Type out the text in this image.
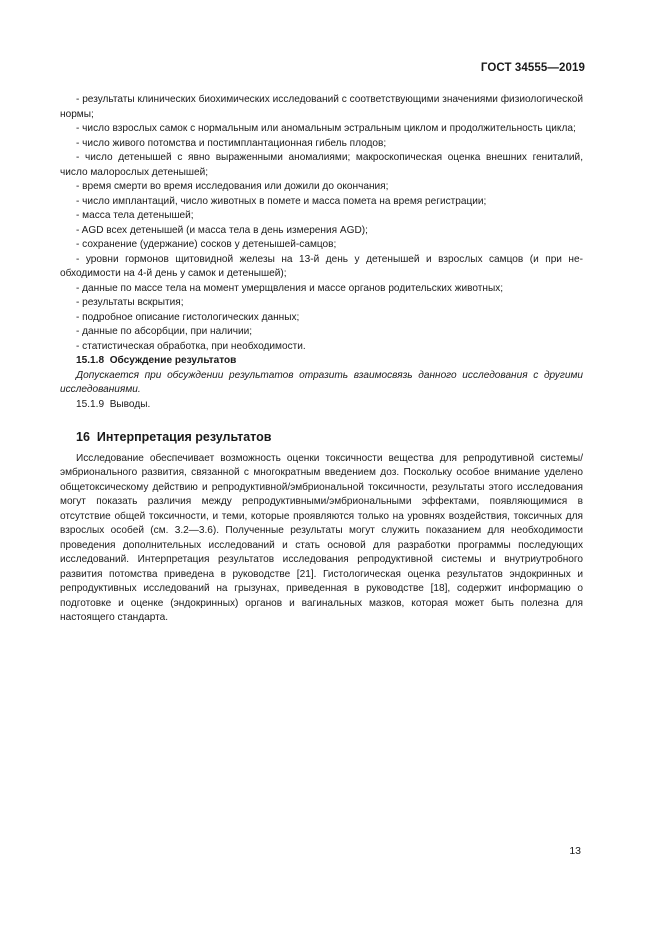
ГОСТ 34555—2019

- результаты клинических биохимических исследований с соответствующими значениями физиологической нормы;

- число взрослых самок с нормальным или аномальным эстральным циклом и продолжительность цикла;

- число живого потомства и постимплантационная гибель плодов;

- число детенышей с явно выраженными аномалиями; макроскопическая оценка внешних гениталий, число малорослых детенышей;

- время смерти во время исследования или дожили до окончания;

- число имплантаций, число животных в помете и масса помета на время регистрации;

- масса тела детенышей;

- AGD всех детенышей (и масса тела в день измерения AGD);

- сохранение (удержание) сосков у детенышей-самцов;

- уровни гормонов щитовидной железы на 13-й день у детенышей и взрослых самцов (и при необходимости на 4-й день у самок и детенышей);

- данные по массе тела на момент умерщвления и массе органов родительских животных;

- результаты вскрытия;

- подробное описание гистологических данных;

- данные по абсорбции, при наличии;

- статистическая обработка, при необходимости.

15.1.8 Обсуждение результатов

Допускается при обсуждении результатов отразить взаимосвязь данного исследования с другими исследованиями.

15.1.9 Выводы.
16 Интерпретация результатов

Исследование обеспечивает возможность оценки токсичности вещества для репродутивной системы/эмбрионального развития, связанной с многократным введением доз. Поскольку особое внимание уделено общетоксическому действию и репродуктивной/эмбриональной токсичности, результаты этого исследования могут показать различия между репродуктивными/эмбриональными эффектами, появляющимися в отсутствие общей токсичности, и теми, которые проявляются только на уровнях воздействия, токсичных для взрослых особей (см. 3.2—3.6). Полученные результаты могут служить показанием для необходимости проведения дополнительных исследований и стать основой для разработки программы последующих исследований. Интерпретация результатов исследования репродуктивной системы и внутриутробного развития потомства приведена в руководстве [21]. Гистологическая оценка результатов эндокринных и репродуктивных исследований на грызунах, приведенная в руководстве [18], содержит информацию о подготовке и оценке (эндокринных) органов и вагинальных мазков, которая может быть полезна для настоящего стандарта.

13
